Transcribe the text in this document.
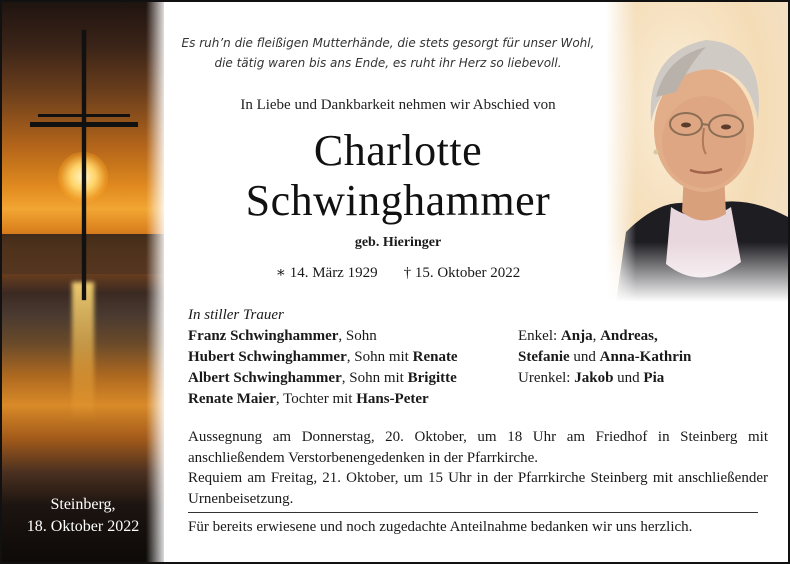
Steinberg,
18. Oktober 2022
Es ruh’n die fleißigen Mutterhände, die stets gesorgt für unser Wohl,
die tätig waren bis ans Ende, es ruht ihr Herz so liebevoll.
In Liebe und Dankbarkeit nehmen wir Abschied von
Charlotte
Schwinghammer
geb. Hieringer
∗ 14. März 1929 † 15. Oktober 2022
In stiller Trauer
Franz Schwinghammer, Sohn
Hubert Schwinghammer, Sohn mit Renate
Albert Schwinghammer, Sohn mit Brigitte
Renate Maier, Tochter mit Hans-Peter
Enkel: Anja, Andreas,
Stefanie und Anna-Kathrin
Urenkel: Jakob und Pia
Aussegnung am Donnerstag, 20. Oktober, um 18 Uhr am Friedhof in Steinberg mit anschließendem Verstorbenengedenken in der Pfarrkirche.
Requiem am Freitag, 21. Oktober, um 15 Uhr in der Pfarrkirche Steinberg mit anschließender Urnenbeisetzung.
Für bereits erwiesene und noch zugedachte Anteilnahme bedanken wir uns herzlich.
